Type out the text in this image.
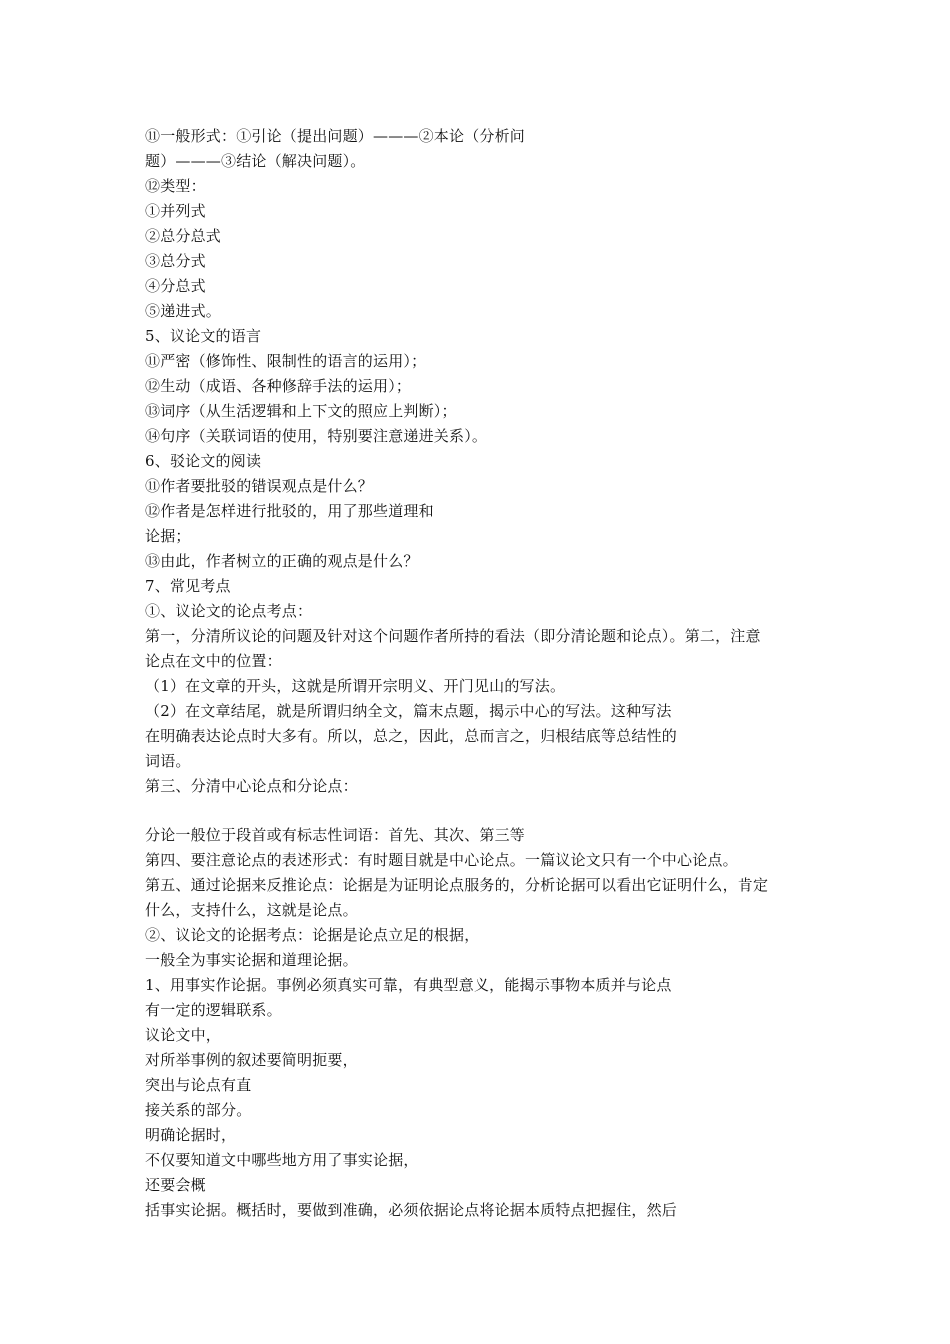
⑪一般形式：①引论（提出问题）———②本论（分析问

题）———③结论（解决问题）。

⑫类型：

①并列式

②总分总式

③总分式

④分总式

⑤递进式。

5、议论文的语言

⑪严密（修饰性、限制性的语言的运用）；

⑫生动（成语、各种修辞手法的运用）；

⑬词序（从生活逻辑和上下文的照应上判断）；

⑭句序（关联词语的使用，特别要注意递进关系）。

6、驳论文的阅读

⑪作者要批驳的错误观点是什么？

⑫作者是怎样进行批驳的，用了那些道理和

论据；

⑬由此，作者树立的正确的观点是什么？

7、常见考点

①、议论文的论点考点：

第一，分清所议论的问题及针对这个问题作者所持的看法（即分清论题和论点）。第二，注意

论点在文中的位置：

（1）在文章的开头，这就是所谓开宗明义、开门见山的写法。

（2）在文章结尾，就是所谓归纳全文，篇末点题，揭示中心的写法。这种写法

在明确表达论点时大多有。所以，总之，因此，总而言之，归根结底等总结性的

词语。

第三、分清中心论点和分论点：

分论一般位于段首或有标志性词语：首先、其次、第三等

第四、要注意论点的表述形式：有时题目就是中心论点。一篇议论文只有一个中心论点。

第五、通过论据来反推论点：论据是为证明论点服务的，分析论据可以看出它证明什么，肯定

什么，支持什么，这就是论点。

②、议论文的论据考点：论据是论点立足的根据，

一般全为事实论据和道理论据。

1、用事实作论据。事例必须真实可靠，有典型意义，能揭示事物本质并与论点

有一定的逻辑联系。

议论文中，

对所举事例的叙述要简明扼要，

突出与论点有直

接关系的部分。

明确论据时，

不仅要知道文中哪些地方用了事实论据，

还要会概

括事实论据。概括时，要做到准确，必须依据论点将论据本质特点把握住，然后
